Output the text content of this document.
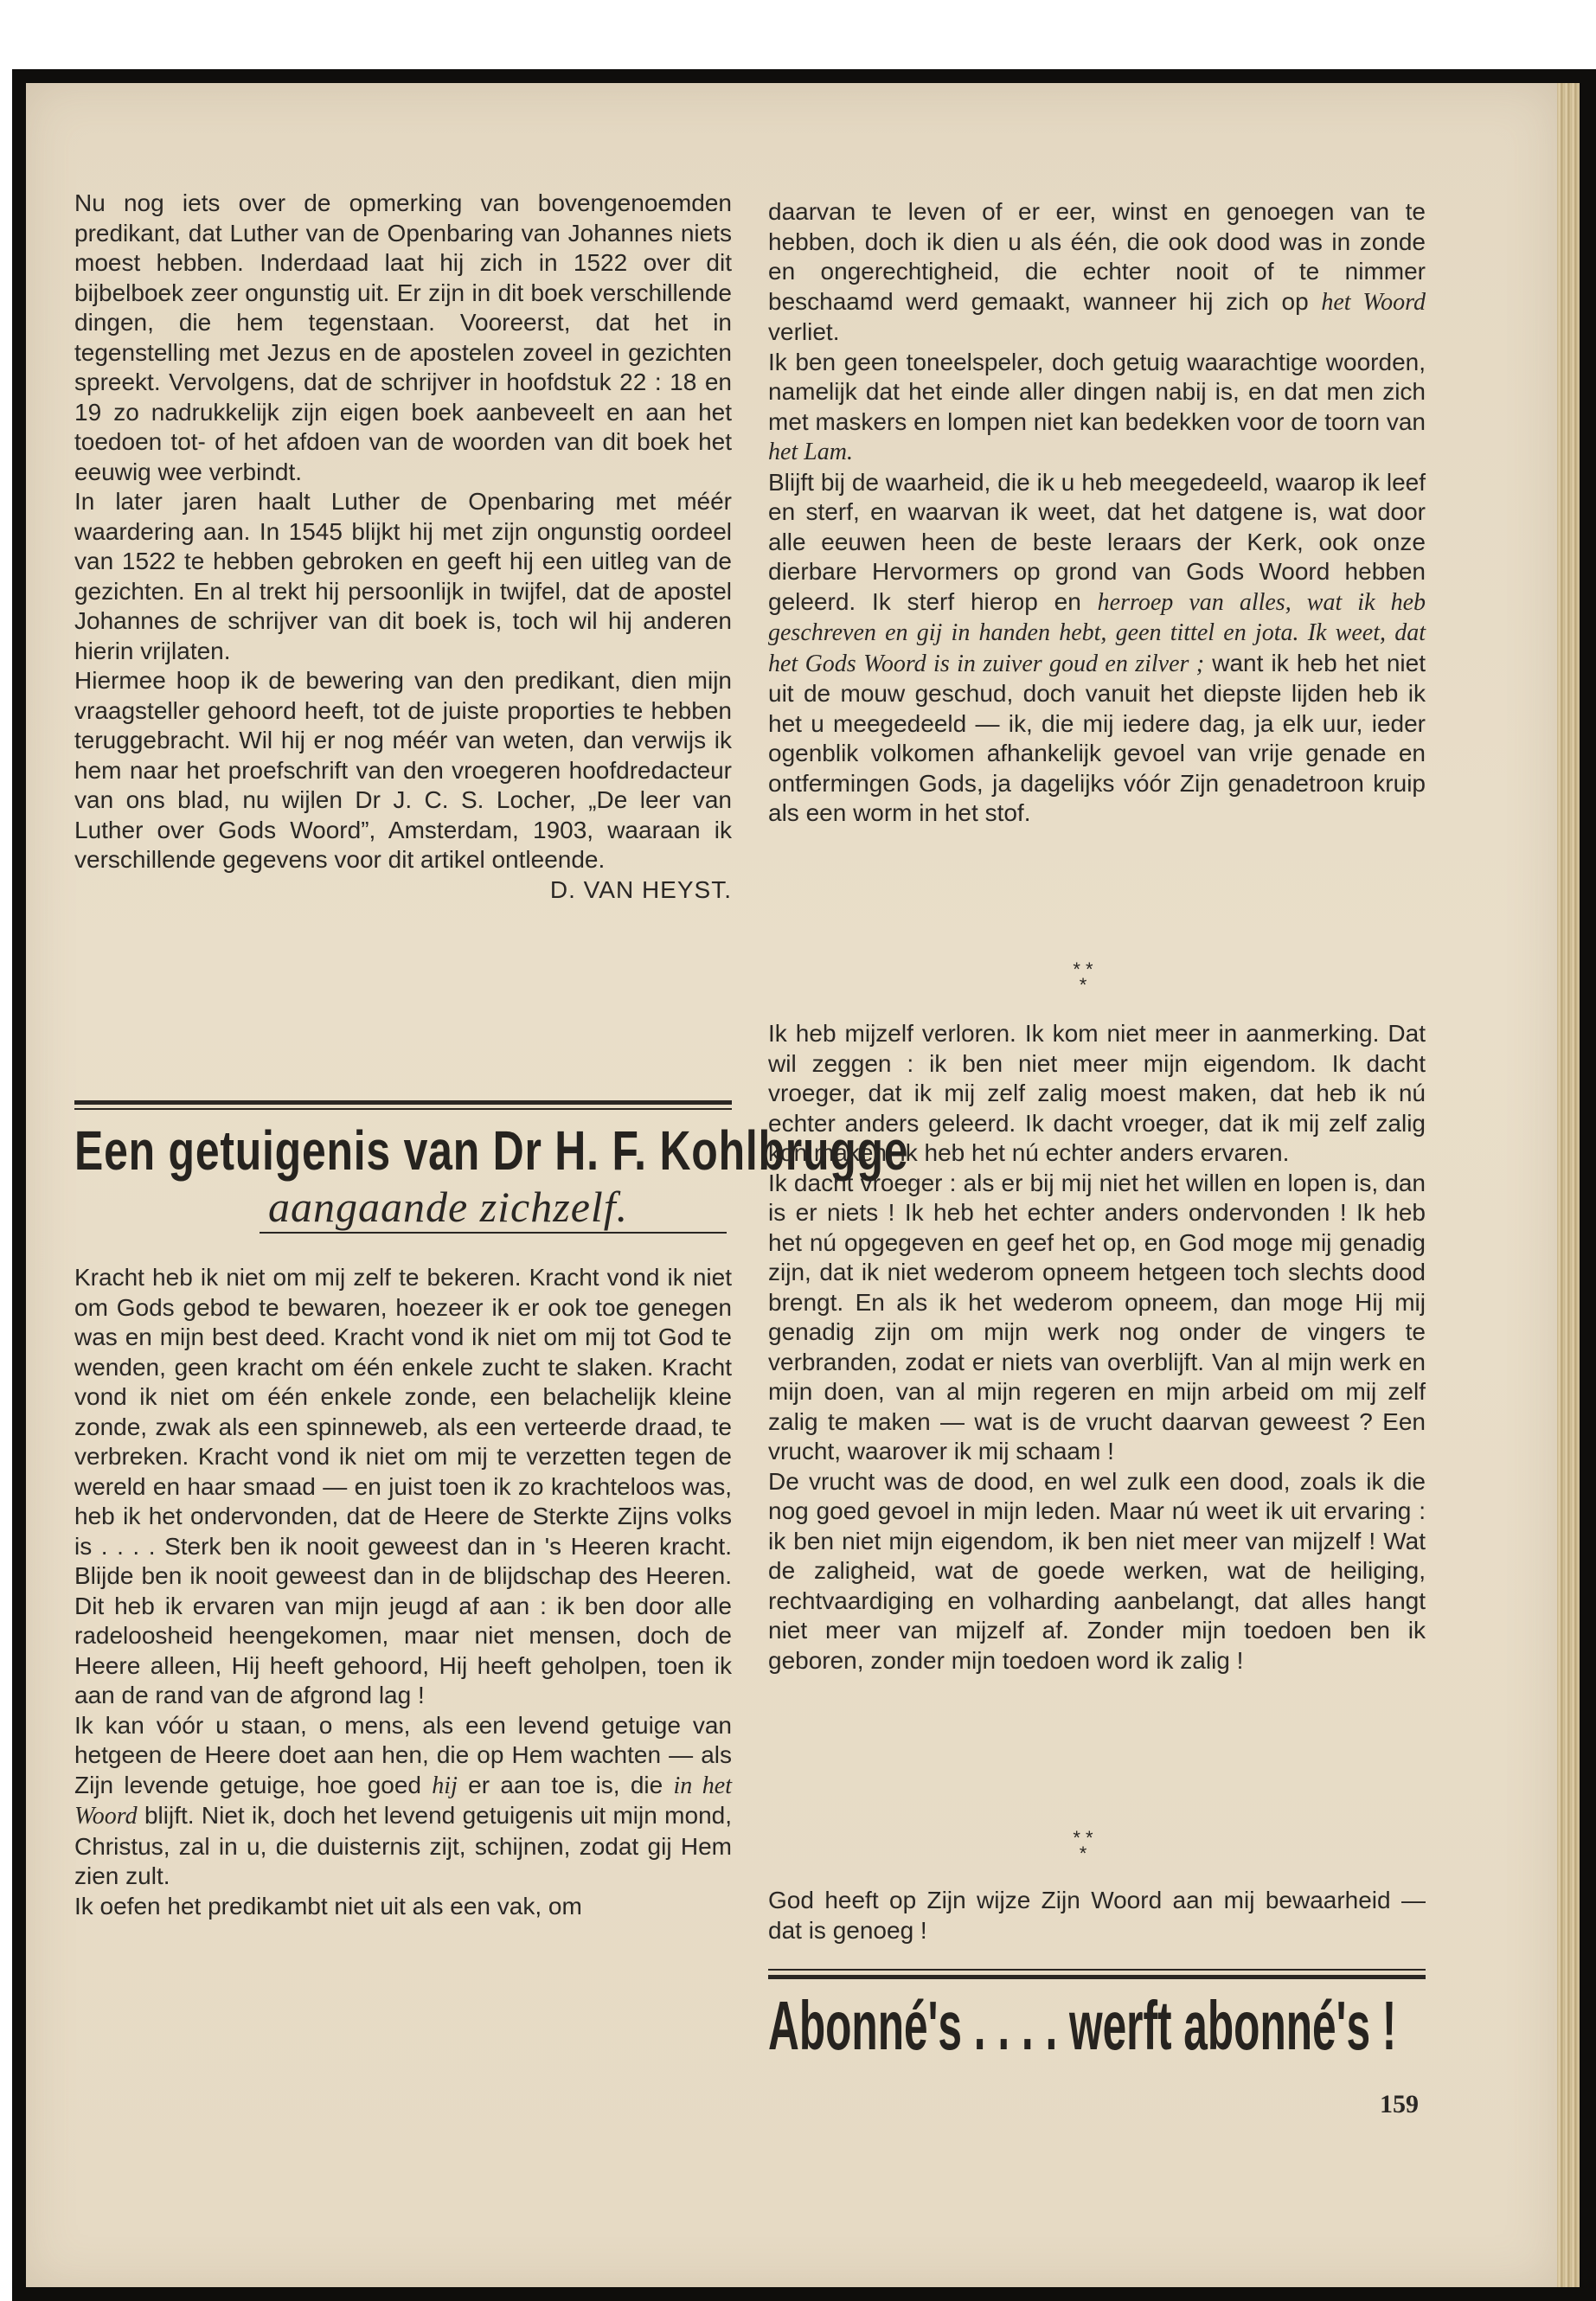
Nu nog iets over de opmerking van bovengenoemden predikant, dat Luther van de Openbaring van Johannes niets moest hebben. Inderdaad laat hij zich in 1522 over dit bijbelboek zeer ongunstig uit. Er zijn in dit boek verschillende dingen, die hem tegenstaan. Vooreerst, dat het in tegenstelling met Jezus en de apostelen zoveel in gezichten spreekt. Vervolgens, dat de schrijver in hoofdstuk 22 : 18 en 19 zo nadrukkelijk zijn eigen boek aanbeveelt en aan het toedoen tot- of het afdoen van de woorden van dit boek het eeuwig wee verbindt.

In later jaren haalt Luther de Openbaring met méér waardering aan. In 1545 blijkt hij met zijn ongunstig oordeel van 1522 te hebben gebroken en geeft hij een uitleg van de gezichten. En al trekt hij persoonlijk in twijfel, dat de apostel Johannes de schrijver van dit boek is, toch wil hij anderen hierin vrijlaten.

Hiermee hoop ik de bewering van den predikant, dien mijn vraagsteller gehoord heeft, tot de juiste proporties te hebben teruggebracht. Wil hij er nog méér van weten, dan verwijs ik hem naar het proefschrift van den vroegeren hoofdredacteur van ons blad, nu wijlen Dr J. C. S. Locher, „De leer van Luther over Gods Woord”, Amsterdam, 1903, waaraan ik verschillende gegevens voor dit artikel ontleende.

D. VAN HEYST.

Een getuigenis van Dr H. F. Kohlbrugge
aangaande zichzelf.

Kracht heb ik niet om mij zelf te bekeren. Kracht vond ik niet om Gods gebod te bewaren, hoezeer ik er ook toe genegen was en mijn best deed. Kracht vond ik niet om mij tot God te wenden, geen kracht om één enkele zucht te slaken. Kracht vond ik niet om één enkele zonde, een belachelijk kleine zonde, zwak als een spinneweb, als een verteerde draad, te verbreken. Kracht vond ik niet om mij te verzetten tegen de wereld en haar smaad — en juist toen ik zo krachteloos was, heb ik het ondervonden, dat de Heere de Sterkte Zijns volks is . . . . Sterk ben ik nooit geweest dan in 's Heeren kracht. Blijde ben ik nooit geweest dan in de blijdschap des Heeren. Dit heb ik ervaren van mijn jeugd af aan : ik ben door alle radeloosheid heengekomen, maar niet mensen, doch de Heere alleen, Hij heeft gehoord, Hij heeft geholpen, toen ik aan de rand van de afgrond lag !

Ik kan vóór u staan, o mens, als een levend getuige van hetgeen de Heere doet aan hen, die op Hem wachten — als Zijn levende getuige, hoe goed hij er aan toe is, die in het Woord blijft. Niet ik, doch het levend getuigenis uit mijn mond, Christus, zal in u, die duisternis zijt, schijnen, zodat gij Hem zien zult.

Ik oefen het predikambt niet uit als een vak, om

daarvan te leven of er eer, winst en genoegen van te hebben, doch ik dien u als één, die ook dood was in zonde en ongerechtigheid, die echter nooit of te nimmer beschaamd werd gemaakt, wanneer hij zich op het Woord verliet.

Ik ben geen toneelspeler, doch getuig waarachtige woorden, namelijk dat het einde aller dingen nabij is, en dat men zich met maskers en lompen niet kan bedekken voor de toorn van het Lam.

Blijft bij de waarheid, die ik u heb meegedeeld, waarop ik leef en sterf, en waarvan ik weet, dat het datgene is, wat door alle eeuwen heen de beste leraars der Kerk, ook onze dierbare Hervormers op grond van Gods Woord hebben geleerd. Ik sterf hierop en herroep van alles, wat ik heb geschreven en gij in handen hebt, geen tittel en jota. Ik weet, dat het Gods Woord is in zuiver goud en zilver ; want ik heb het niet uit de mouw geschud, doch vanuit het diepste lijden heb ik het u meegedeeld — ik, die mij iedere dag, ja elk uur, ieder ogenblik volkomen afhankelijk gevoel van vrije genade en ontfermingen Gods, ja dagelijks vóór Zijn genadetroon kruip als een worm in het stof.

* *
*

Ik heb mijzelf verloren. Ik kom niet meer in aanmerking. Dat wil zeggen : ik ben niet meer mijn eigendom. Ik dacht vroeger, dat ik mij zelf zalig moest maken, dat heb ik nú echter anders geleerd. Ik dacht vroeger, dat ik mij zelf zalig kon maken, ik heb het nú echter anders ervaren.

Ik dacht vroeger : als er bij mij niet het willen en lopen is, dan is er niets ! Ik heb het echter anders ondervonden ! Ik heb het nú opgegeven en geef het op, en God moge mij genadig zijn, dat ik niet wederom opneem hetgeen toch slechts dood brengt. En als ik het wederom opneem, dan moge Hij mij genadig zijn om mijn werk nog onder de vingers te verbranden, zodat er niets van overblijft. Van al mijn werk en mijn doen, van al mijn regeren en mijn arbeid om mij zelf zalig te maken — wat is de vrucht daarvan geweest ? Een vrucht, waarover ik mij schaam !

De vrucht was de dood, en wel zulk een dood, zoals ik die nog goed gevoel in mijn leden. Maar nú weet ik uit ervaring : ik ben niet mijn eigendom, ik ben niet meer van mijzelf ! Wat de zaligheid, wat de goede werken, wat de heiliging, rechtvaardiging en volharding aanbelangt, dat alles hangt niet meer van mijzelf af. Zonder mijn toedoen ben ik geboren, zonder mijn toedoen word ik zalig !

* *
*

God heeft op Zijn wijze Zijn Woord aan mij bewaarheid — dat is genoeg !

Abonné's . . . . werft abonné's !
159
